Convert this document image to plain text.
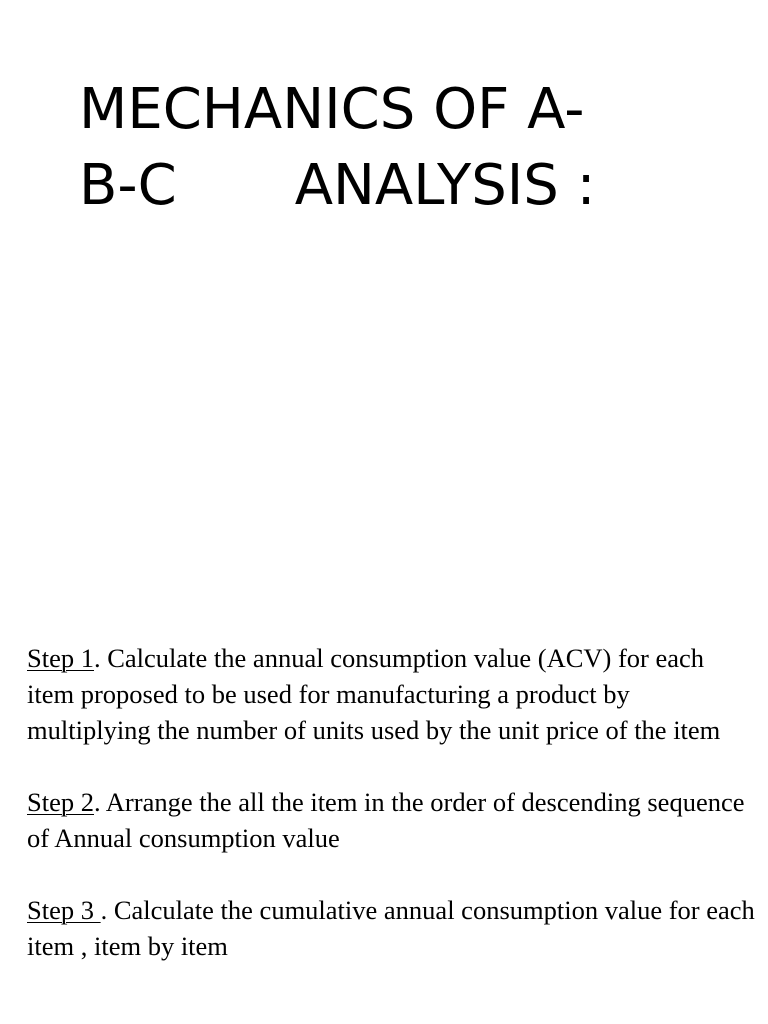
MECHANICS OF A-
B-C ANALYSIS :

Step 1. Calculate the annual consumption value (ACV) for each item proposed to be used for manufacturing a product by multiplying the number of units used by the unit price of the item

Step 2. Arrange the all the item in the order of descending sequence of Annual consumption value

Step 3 . Calculate the cumulative annual consumption value for each item , item by item
